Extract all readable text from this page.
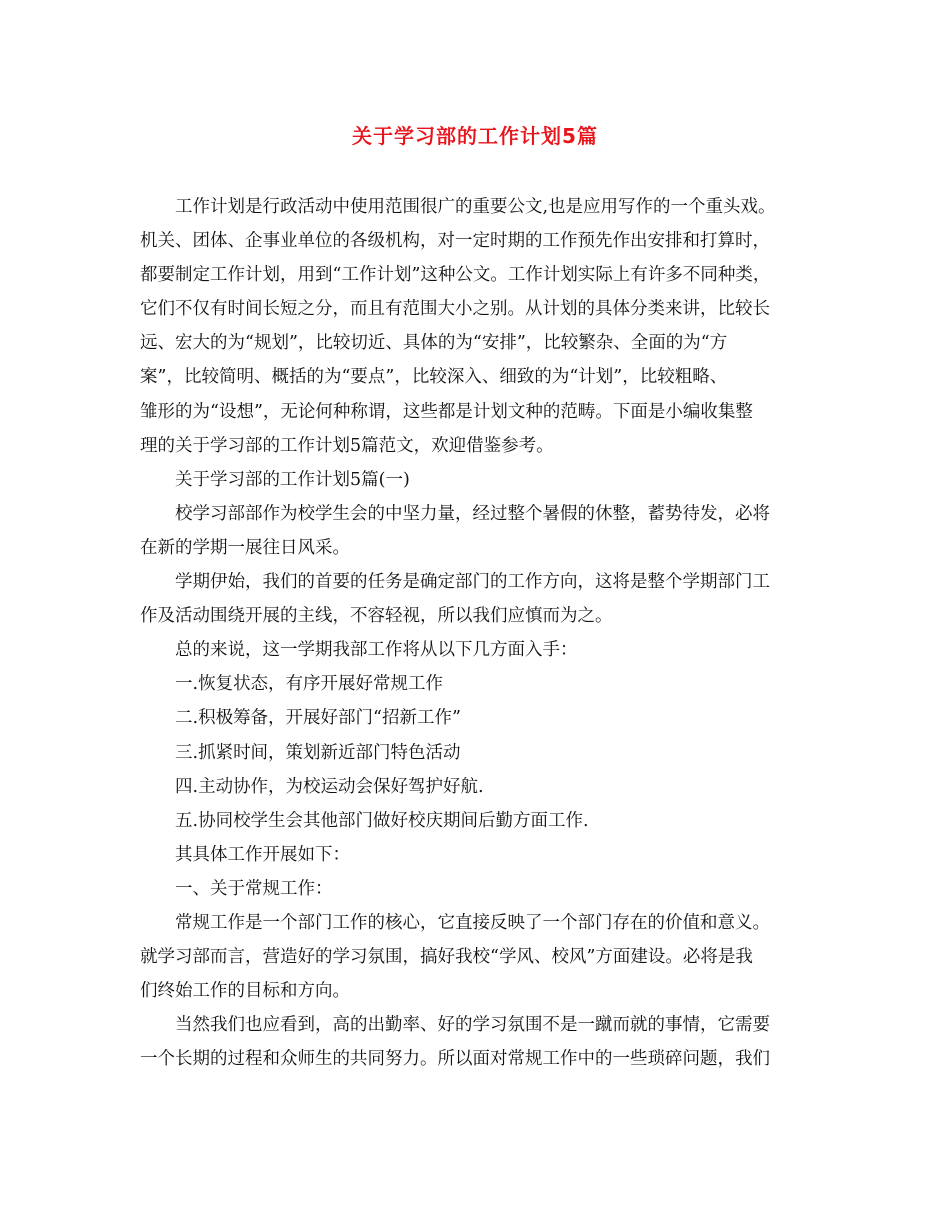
关于学习部的工作计划5篇
工作计划是行政活动中使用范围很广的重要公文,也是应用写作的一个重头戏。
机关、团体、企事业单位的各级机构，对一定时期的工作预先作出安排和打算时，
都要制定工作计划，用到“工作计划”这种公文。工作计划实际上有许多不同种类，
它们不仅有时间长短之分，而且有范围大小之别。从计划的具体分类来讲，比较长
远、宏大的为“规划”，比较切近、具体的为“安排”，比较繁杂、全面的为“方
案”，比较简明、概括的为“要点”，比较深入、细致的为“计划”，比较粗略、
雏形的为“设想”，无论何种称谓，这些都是计划文种的范畴。下面是小编收集整
理的关于学习部的工作计划5篇范文，欢迎借鉴参考。
关于学习部的工作计划5篇(一)
校学习部部作为校学生会的中坚力量，经过整个暑假的休整，蓄势待发，必将
在新的学期一展往日风采。
学期伊始，我们的首要的任务是确定部门的工作方向，这将是整个学期部门工
作及活动围绕开展的主线，不容轻视，所以我们应慎而为之。
总的来说，这一学期我部工作将从以下几方面入手：
一.恢复状态，有序开展好常规工作
二.积极筹备，开展好部门“招新工作”
三.抓紧时间，策划新近部门特色活动
四.主动协作，为校运动会保好驾护好航.
五.协同校学生会其他部门做好校庆期间后勤方面工作.
其具体工作开展如下：
一、关于常规工作：
常规工作是一个部门工作的核心，它直接反映了一个部门存在的价值和意义。
就学习部而言，营造好的学习氛围，搞好我校“学风、校风”方面建设。必将是我
们终始工作的目标和方向。
当然我们也应看到，高的出勤率、好的学习氛围不是一蹴而就的事情，它需要
一个长期的过程和众师生的共同努力。所以面对常规工作中的一些琐碎问题，我们
